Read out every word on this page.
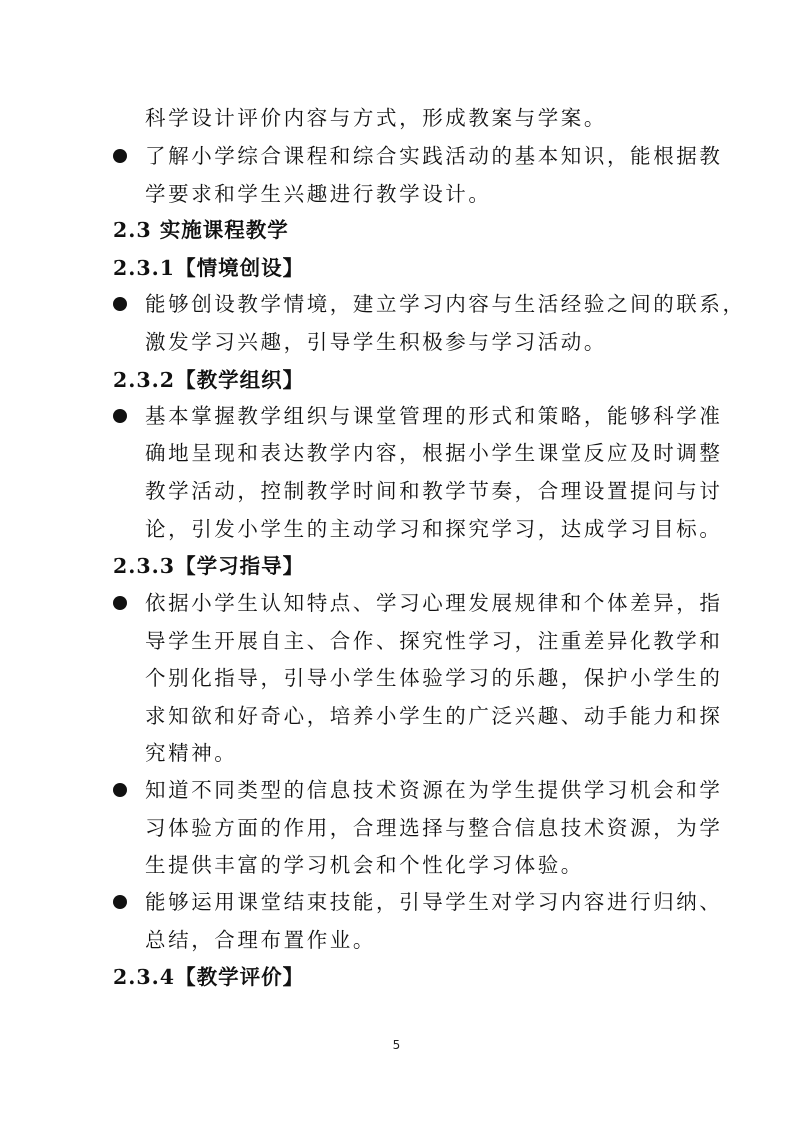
科学设计评价内容与方式，形成教案与学案。
了解小学综合课程和综合实践活动的基本知识，能根据教
学要求和学生兴趣进行教学设计。
2.3 实施课程教学
2.3.1【情境创设】
能够创设教学情境，建立学习内容与生活经验之间的联系，
激发学习兴趣，引导学生积极参与学习活动。
2.3.2【教学组织】
基本掌握教学组织与课堂管理的形式和策略，能够科学准
确地呈现和表达教学内容，根据小学生课堂反应及时调整
教学活动，控制教学时间和教学节奏，合理设置提问与讨
论，引发小学生的主动学习和探究学习，达成学习目标。
2.3.3【学习指导】
依据小学生认知特点、学习心理发展规律和个体差异，指
导学生开展自主、合作、探究性学习，注重差异化教学和
个别化指导，引导小学生体验学习的乐趣，保护小学生的
求知欲和好奇心，培养小学生的广泛兴趣、动手能力和探
究精神。
知道不同类型的信息技术资源在为学生提供学习机会和学
习体验方面的作用，合理选择与整合信息技术资源，为学
生提供丰富的学习机会和个性化学习体验。
能够运用课堂结束技能，引导学生对学习内容进行归纳、
总结，合理布置作业。
2.3.4【教学评价】
5
